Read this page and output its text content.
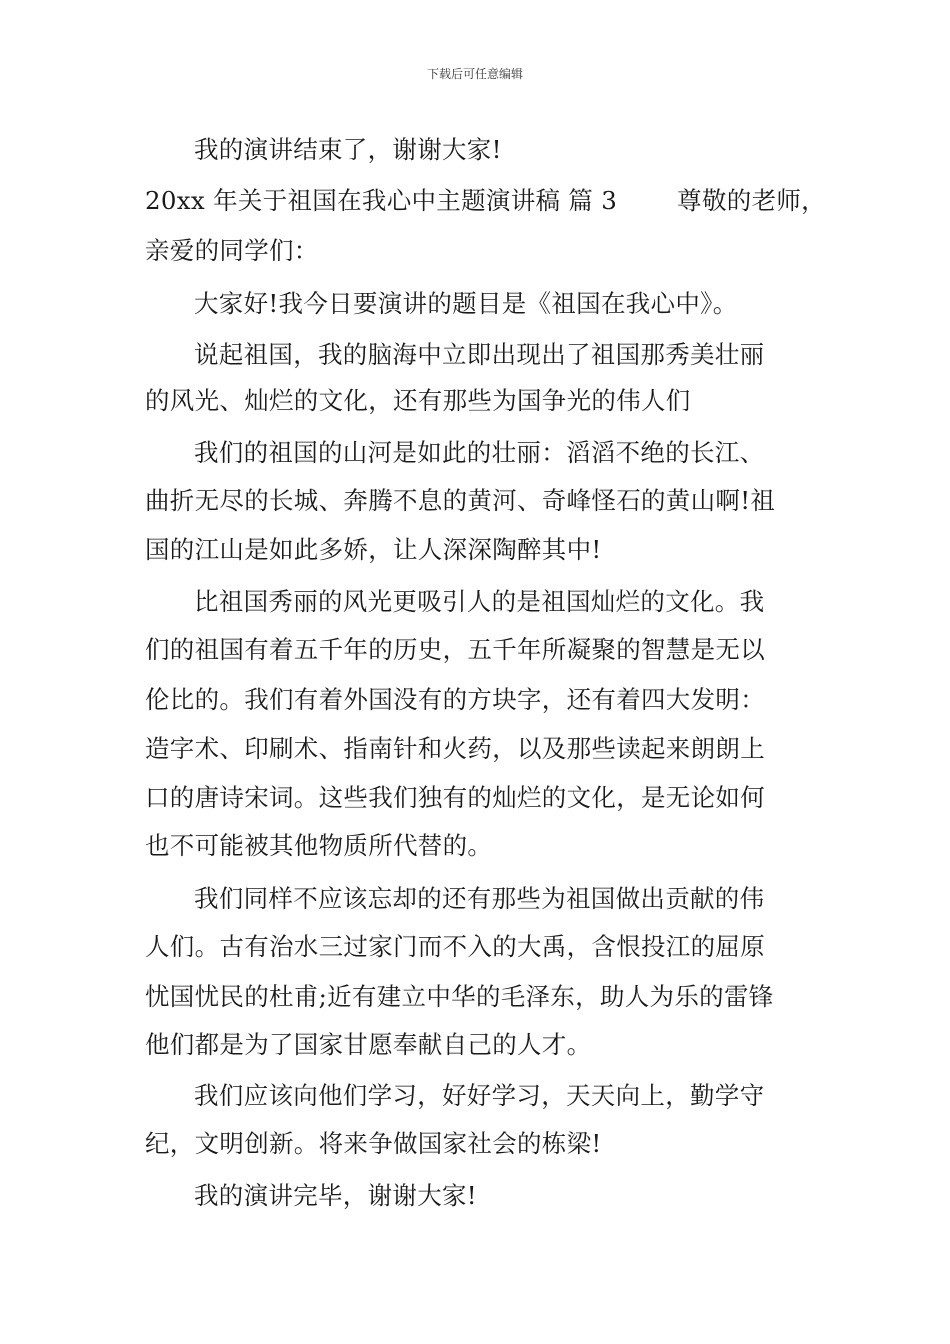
下载后可任意编辑
我的演讲结束了，谢谢大家!
20xx 年关于祖国在我心中主题演讲稿 篇 3 尊敬的老师，
亲爱的同学们：
大家好!我今日要演讲的题目是《祖国在我心中》。
说起祖国，我的脑海中立即出现出了祖国那秀美壮丽
的风光、灿烂的文化，还有那些为国争光的伟人们
我们的祖国的山河是如此的壮丽：滔滔不绝的长江、
曲折无尽的长城、奔腾不息的黄河、奇峰怪石的黄山啊!祖
国的江山是如此多娇，让人深深陶醉其中!
比祖国秀丽的风光更吸引人的是祖国灿烂的文化。我
们的祖国有着五千年的历史，五千年所凝聚的智慧是无以
伦比的。我们有着外国没有的方块字，还有着四大发明：
造字术、印刷术、指南针和火药，以及那些读起来朗朗上
口的唐诗宋词。这些我们独有的灿烂的文化，是无论如何
也不可能被其他物质所代替的。
我们同样不应该忘却的还有那些为祖国做出贡献的伟
人们。古有治水三过家门而不入的大禹，含恨投江的屈原
忧国忧民的杜甫;近有建立中华的毛泽东，助人为乐的雷锋
他们都是为了国家甘愿奉献自己的人才。
我们应该向他们学习，好好学习，天天向上，勤学守
纪，文明创新。将来争做国家社会的栋梁!
我的演讲完毕，谢谢大家!
